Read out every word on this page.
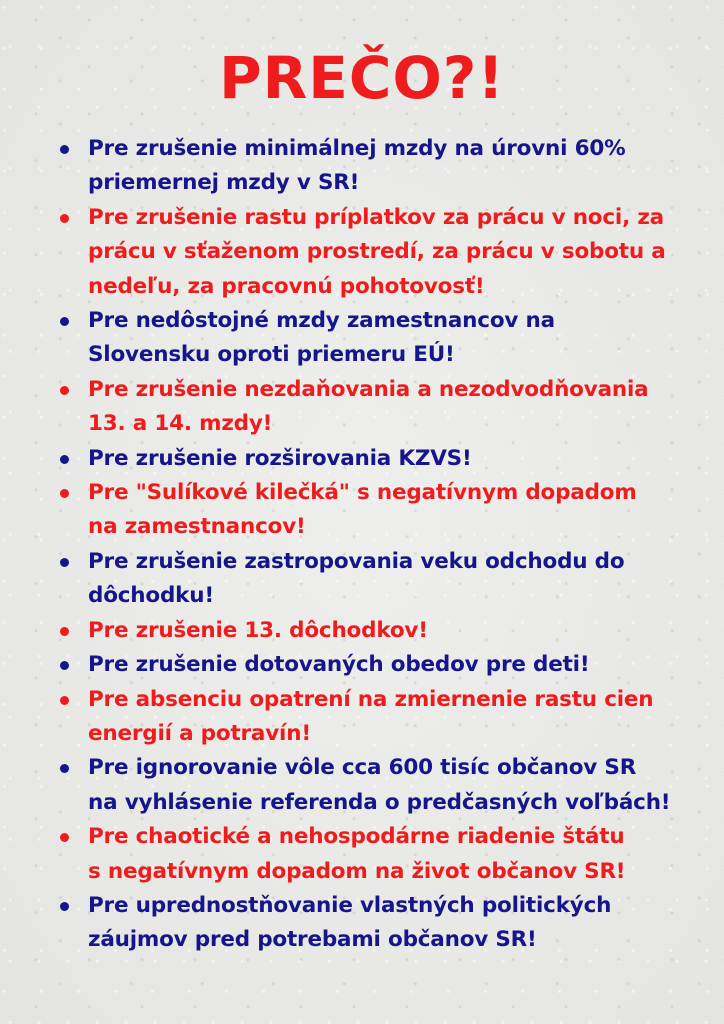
PREČO?!
Pre zrušenie minimálnej mzdy na úrovni 60%
priemernej mzdy v SR!
Pre zrušenie rastu príplatkov za prácu v noci, za
prácu v sťaženom prostredí, za prácu v sobotu a
nedeľu, za pracovnú pohotovosť!
Pre nedôstojné mzdy zamestnancov na
Slovensku oproti priemeru EÚ!
Pre zrušenie nezdaňovania a nezodvodňovania
13. a 14. mzdy!
Pre zrušenie rozširovania KZVS!
Pre "Sulíkové kilečká" s negatívnym dopadom
na zamestnancov!
Pre zrušenie zastropovania veku odchodu do
dôchodku!
Pre zrušenie 13. dôchodkov!
Pre zrušenie dotovaných obedov pre deti!
Pre absenciu opatrení na zmiernenie rastu cien
energií a potravín!
Pre ignorovanie vôle cca 600 tisíc občanov SR
na vyhlásenie referenda o predčasných voľbách!
Pre chaotické a nehospodárne riadenie štátu
s negatívnym dopadom na život občanov SR!
Pre uprednostňovanie vlastných politických
záujmov pred potrebami občanov SR!
